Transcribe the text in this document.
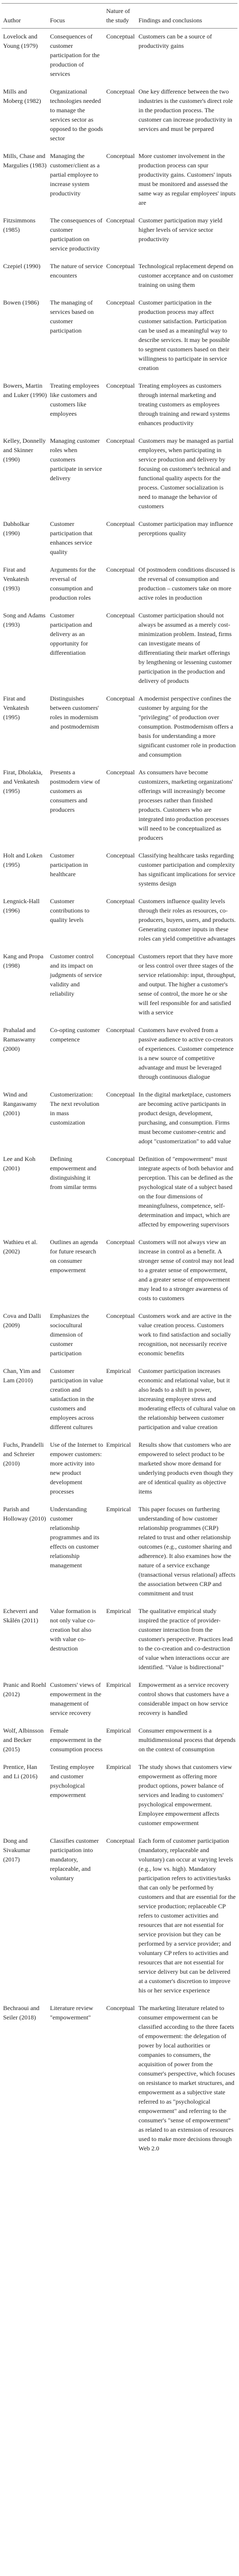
Author	Focus	Nature of the study	Findings and conclusions
Lovelock and Young (1979)	Consequences of customer participation for the production of services	Conceptual	Customers can be a source of productivity gains
Mills and Moberg (1982)	Organizational technologies needed to manage the services sector as opposed to the goods sector	Conceptual	One key difference between the two industries is the customer's direct role in the production process. The customer can increase productivity in services and must be prepared
Mills, Chase and Margulies (1983)	Managing the customer/client as a partial employee to increase system productivity	Conceptual	More customer involvement in the production process can spur productivity gains. Customers' inputs must be monitored and assessed the same way as regular employees' inputs are
Fitzsimmons (1985)	The consequences of customer participation on service productivity	Conceptual	Customer participation may yield higher levels of service sector productivity
Czepiel (1990)	The nature of service encounters	Conceptual	Technological replacement depend on customer acceptance and on customer training on using them
Bowen (1986)	The managing of services based on customer participation	Conceptual	Customer participation in the production process may affect customer satisfaction. Participation can be used as a meaningful way to describe services. It may be possible to segment customers based on their willingness to participate in service creation
Bowers, Martin and Luker (1990)	Treating employees like customers and customers like employees	Conceptual	Treating employees as customers through internal marketing and treating customers as employees through training and reward systems enhances productivity
Kelley, Donnelly and Skinner (1990)	Managing customer roles when customers participate in service delivery	Conceptual	Customers may be managed as partial employees, when participating in service production and delivery by focusing on customer's technical and functional quality aspects for the process. Customer socialization is need to manage the behavior of customers
Dabholkar (1990)	Customer participation that enhances service quality	Conceptual	Customer participation may influence perceptions quality
Firat and Venkatesh (1993)	Arguments for the reversal of consumption and production roles	Conceptual	Of postmodern conditions discussed is the reversal of consumption and production – customers take on more active roles in production
Song and Adams (1993)	Customer participation and delivery as an opportunity for differentiation	Conceptual	Customer participation should not always be assumed as a merely cost-minimization problem. Instead, firms can investigate means of differentiating their market offerings by lengthening or lessening customer participation in the production and delivery of products
Firat and Venkatesh (1995)	Distinguishes between customers' roles in modernism and postmodernism	Conceptual	A modernist perspective confines the customer by arguing for the "privileging" of production over consumption. Postmodernism offers a basis for understanding a more significant customer role in production and consumption
Firat, Dholakia, and Venkatesh (1995)	Presents a postmodern view of customers as consumers and producers	Conceptual	As consumers have become customizers, marketing organizations' offerings will increasingly become processes rather than finished products. Customers who are integrated into production processes will need to be conceptualized as producers
Holt and Loken (1995)	Customer participation in healthcare	Conceptual	Classifying healthcare tasks regarding customer participation and complexity has significant implications for service systems design
Lengnick-Hall (1996)	Customer contributions to quality levels	Conceptual	Customers influence quality levels through their roles as resources, co-producers, buyers, users, and products. Generating customer inputs in these roles can yield competitive advantages
Kang and Propa (1998)	Customer control and its impact on judgments of service validity and reliability	Conceptual	Customers report that they have more or less control over three stages of the service relationship: input, throughput, and output. The higher a customer's sense of control, the more he or she will feel responsible for and satisfied with a service
Prahalad and Ramaswamy (2000)	Co-opting customer competence	Conceptual	Customers have evolved from a passive audience to active co-creators of experiences. Customer competence is a new source of competitive advantage and must be leveraged through continuous dialogue
Wind and Rangaswamy (2001)	Customerization: The next revolution in mass customization	Conceptual	In the digital marketplace, customers are becoming active participants in product design, development, purchasing, and consumption. Firms must become customer-centric and adopt "customerization" to add value
Lee and Koh (2001)	Defining empowerment and distinguishing it from similar terms	Conceptual	Definition of "empowerment" must integrate aspects of both behavior and perception. This can be defined as the psychological state of a subject based on the four dimensions of meaningfulness, competence, self-determination and impact, which are affected by empowering supervisors
Wathieu et al. (2002)	Outlines an agenda for future research on consumer empowerment	Conceptual	Customers will not always view an increase in control as a benefit. A stronger sense of control may not lead to a greater sense of empowerment, and a greater sense of empowerment may lead to a stronger awareness of costs to customers
Cova and Dalli (2009)	Emphasizes the sociocultural dimension of customer participation	Conceptual	Customers work and are active in the value creation process. Customers work to find satisfaction and socially recognition, not necessarily receive economic benefits
Chan, Yim and Lam (2010)	Customer participation in value creation and satisfaction in the customers and employees across different cultures	Empirical	Customer participation increases economic and relational value, but it also leads to a shift in power, increasing employee stress and moderating effects of cultural value on the relationship between customer participation and value creation
Fuchs, Prandelli and Schreier (2010)	Use of the Internet to empower customers: more activity into new product development processes	Empirical	Results show that customers who are empowered to select product to be marketed show more demand for underlying products even though they are of identical quality as objective items
Parish and Holloway (2010)	Understanding customer relationship programmes and its effects on customer relationship management	Empirical	This paper focuses on furthering understanding of how customer relationship programmes (CRP) related to trust and other relationship outcomes (e.g., customer sharing and adherence). It also examines how the nature of a service exchange (transactional versus relational) affects the association between CRP and commitment and trust
Echeverri and Skålén (2011)	Value formation is not only value co-creation but also with value co-destruction	Empirical	The qualitative empirical study inspired the practice of provider-customer interaction from the customer's perspective. Practices lead to the co-creation and co-destruction of value when interactions occur are identified. "Value is bidirectional"
Pranic and Roehl (2012)	Customers' views of empowerment in the management of service recovery	Empirical	Empowerment as a service recovery control shows that customers have a considerable impact on how service recovery is handled
Wolf, Albinsson and Becker (2015)	Female empowerment in the consumption process	Empirical	Consumer empowerment is a multidimensional process that depends on the context of consumption
Prentice, Han and Li (2016)	Testing employee and customer psychological empowerment	Empirical	The study shows that customers view empowerment as offering more product options, power balance of services and leading to customers' psychological empowerment. Employee empowerment affects customer empowerment
Dong and Sivakumar (2017)	Classifies customer participation into mandatory, replaceable, and voluntary	Conceptual	Each form of customer participation (mandatory, replaceable and voluntary) can occur at varying levels (e.g., low vs. high). Mandatory participation refers to activities/tasks that can only be performed by customers and that are essential for the service production; replaceable CP refers to customer activities and resources that are not essential for service provision but they can be performed by a service provider; and voluntary CP refers to activities and resources that are not essential for service delivery but can be delivered at a customer's discretion to improve his or her service experience
Bechraoui and Seiler (2018)	Literature review "empowerment"	Conceptual	The marketing literature related to consumer empowerment can be classified according to the three facets of empowerment: the delegation of power by local authorities or companies to consumers, the acquisition of power from the consumer's perspective, which focuses on resistance to market structures, and empowerment as a subjective state referred to as "psychological empowerment" and referring to the consumer's "sense of empowerment" as related to an extension of resources used to make more decisions through Web 2.0
